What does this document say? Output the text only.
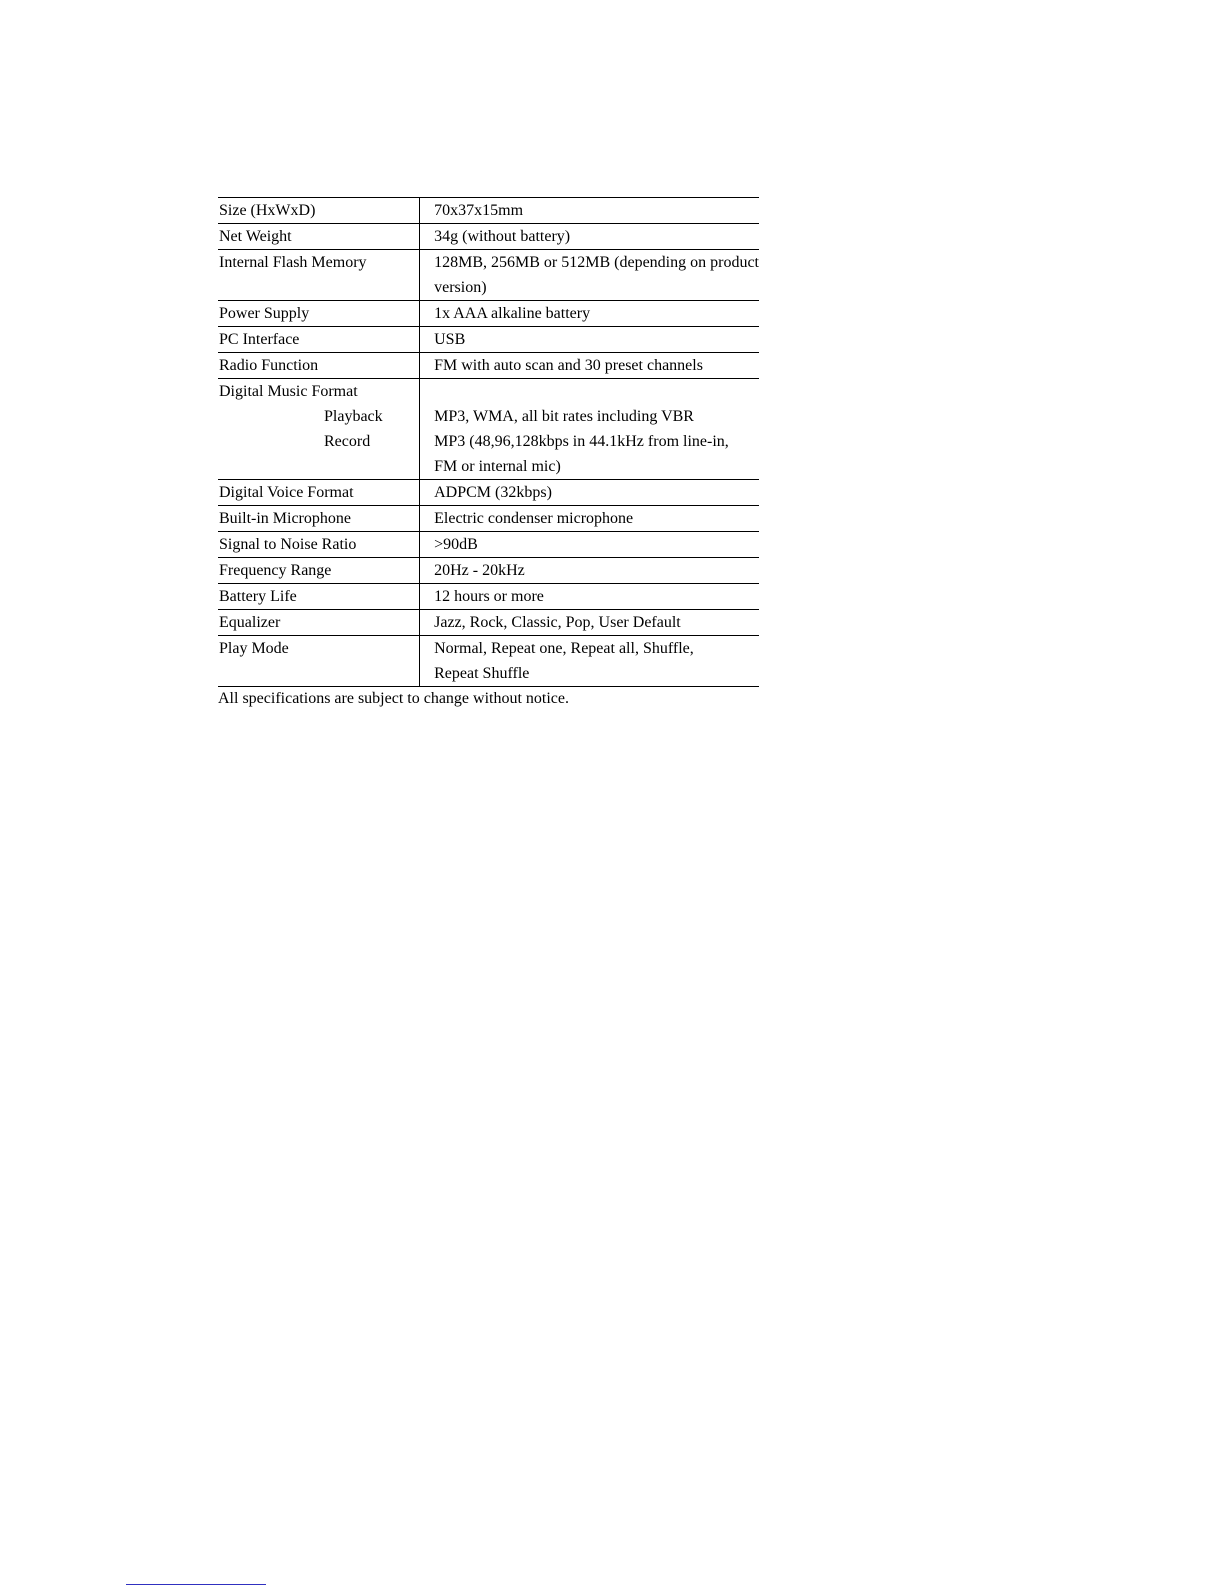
Size (HxWxD)	70x37x15mm
Net Weight	34g (without battery)
Internal Flash Memory	128MB, 256MB or 512MB (depending on product
version)

Power Supply	1x AAA alkaline battery
PC Interface	USB
Radio Function	FM with auto scan and 30 preset channels
Digital Music Format	
Playback	MP3, WMA, all bit rates including VBR
Record	MP3 (48,96,128kbps in 44.1kHz from line-in,
FM or internal mic)

Digital Voice Format	ADPCM (32kbps)
Built-in Microphone	Electric condenser microphone
Signal to Noise Ratio	>90dB
Frequency Range	20Hz - 20kHz
Battery Life	12 hours or more
Equalizer	Jazz, Rock, Classic, Pop, User Default
Play Mode	Normal, Repeat one, Repeat all, Shuffle,
Repeat Shuffle

All specifications are subject to change without notice.
